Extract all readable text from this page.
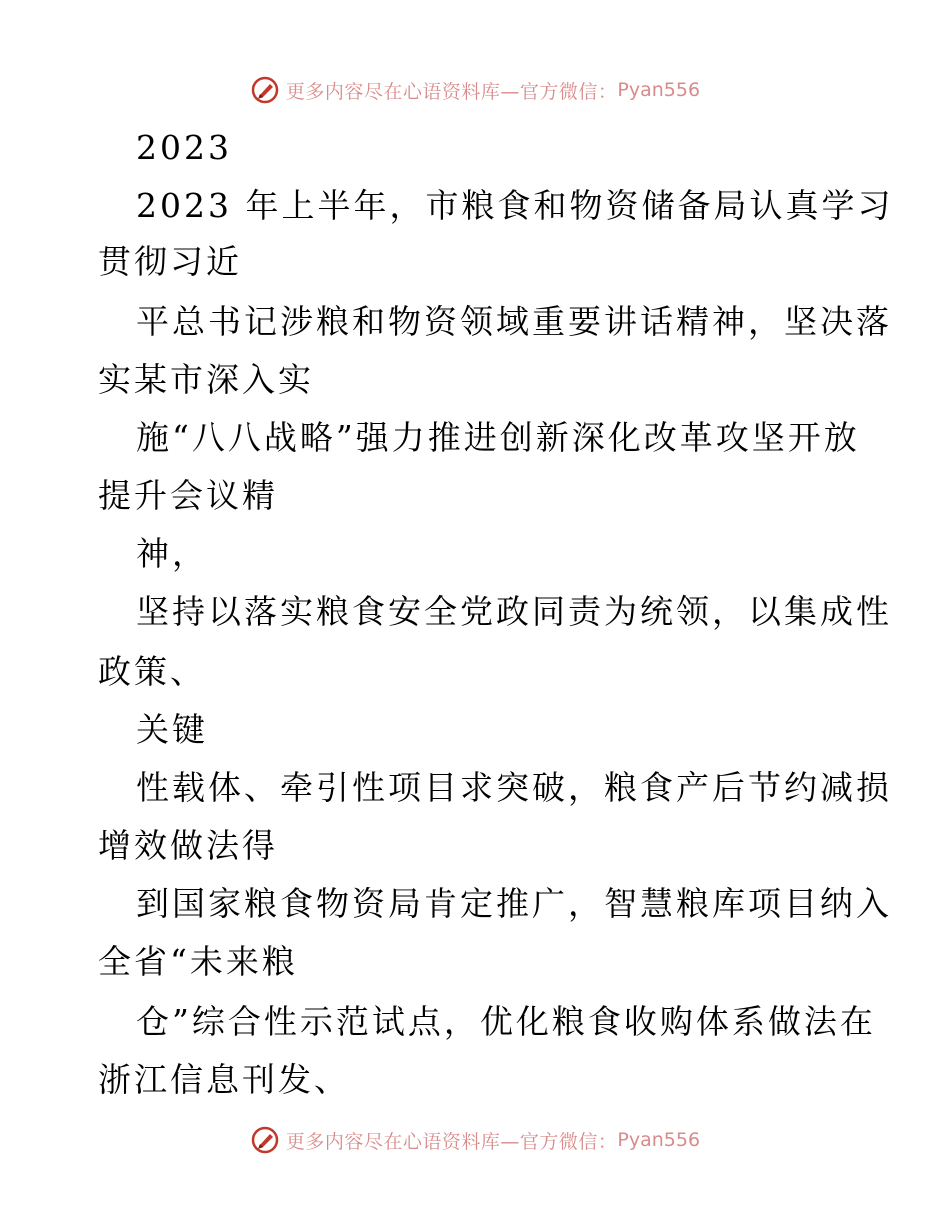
更多内容尽在心语资料库—官方微信： Pyan556
2023
2023 年上半年，市粮食和物资储备局认真学习
贯彻习近
平总书记涉粮和物资领域重要讲话精神，坚决落
实某市深入实
施“八八战略”强力推进创新深化改革攻坚开放
提升会议精
神，
坚持以落实粮食安全党政同责为统领，以集成性
政策、
关键
性载体、牵引性项目求突破，粮食产后节约减损
增效做法得
到国家粮食物资局肯定推广，智慧粮库项目纳入
全省“未来粮
仓”综合性示范试点，优化粮食收购体系做法在
浙江信息刊发、
更多内容尽在心语资料库—官方微信： Pyan556
